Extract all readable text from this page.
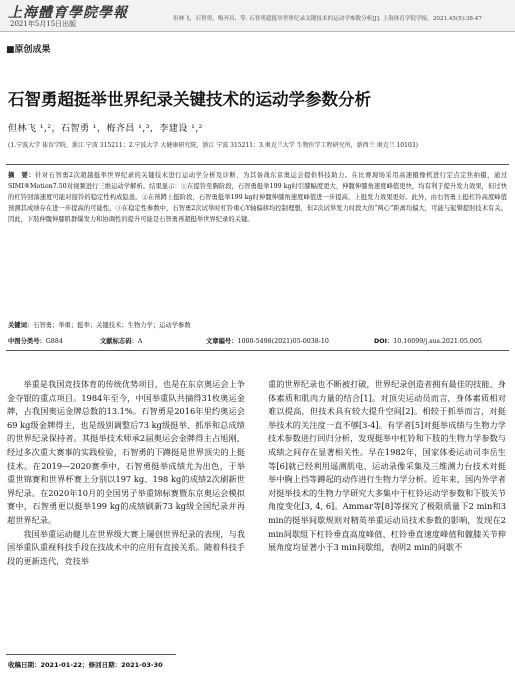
上海體育學院學報
2021年5月15日出版
但林飞，石智勇，梅齐昌，等. 石智勇超挺举世界纪录关键技术的运动学参数分析[J]. 上海体育学院学报，2021,45(5):38-47
■原创成果
石智勇超挺举世界纪录关键技术的运动学参数分析
但林飞 ¹,²，石智勇 ¹，梅齐昌 ¹,³，李建设 ¹,²
(1.宁波大学 体育学院，浙江 宁波 315211；2.宁波大学 大健康研究院，浙江 宁波 315211；3.奥克兰大学 生物医学工程研究所，新西兰 奥克兰 10103)
摘　要：针对石智勇2次超越挺举世界纪录的关键技术进行运动学分析及诊断，为其备战东京奥运会提供科技助力。在比赛现场采用高速摄像机进行定点定焦拍摄，通过SIMI®Motion7.50对视频进行三维运动学解析。结果显示：①在提铃至胸阶段，石智勇挺举199 kg时引膝幅度更大，伸髋伸膝角速度峰值更快，均有利于提升发力效果，但过快的杠铃回落速度可能对接铃的稳定性构成隐患。②在预蹲上挺阶段，石智勇挺举199 kg时伸髋伸膝角速度峰值进一步提高，上挺发力效果更好。此外，由右智勇上挺杠铃高度峰值预测其成绩存在进一步提高的可能性。③在稳定性参数中，石智勇2次试举时杠铃重心Y轴偏移均控制理想，但2次试举发力时段大的“两心”距离均偏大，可能与起臀提肘技术有关。因此，下肢伸髋伸膝肌群爆发力和协调性的提升可能是石智勇再超挺举世界纪录的关键。
关键词：石智勇；举重；挺举；关键技术；生物力学；运动学参数
中图分类号：G884	文献标志码：A	文章编号：1000-5498(2021)05-0038-10	DOI：10.16099/j.sus.2021.05.005

举重是我国竞技体育的传统优势项目，也是在东京奥运会上争金夺银的重点项目。1984年至今，中国举重队共摘得31枚奥运金牌，占我国奥运金牌总数的13.1%。石智勇是2016年里约奥运会69 kg级金牌得主，也是级别调整后73 kg级挺举、抓举和总成绩的世界纪录保持者。其挺举技术师承2届奥运会金牌得主占旭刚，经过多次重大赛事的实践检验，石智勇的下蹲挺是世界顶尖的上挺技术。在2019—2020赛季中，石智勇挺举成绩尤为出色，于举重世锦赛和世界杯赛上分别以197 kg、198 kg的成绩2次刷新世界纪录。在2020年10月的全国男子举重锦标赛暨东京奥运会模拟赛中，石智勇更以挺举199 kg的成绩刷新73 kg级全国纪录并再超世界纪录。

我国举重运动健儿在世界级大赛上屡创世界纪录的表现，与我国举重队重视科技手段在技战术中的应用有直接关系。随着科技手段的更新迭代，竞技举

重的世界纪录也不断被打破，世界纪录创造者拥有最佳的技能、身体素质和肌肉力量的结合[1]。对顶尖运动员而言，身体素质相对难以提高，但技术具有较大提升空间[2]。相较于抓举而言，对挺举技术的关注度一直不够[3-4]。有学者[5]对挺举成绩与生物力学技术参数进行回归分析，发现挺举中杠铃和下肢的生物力学参数与成绩之间存在显著相关性。早在1982年，国家体委运动司李岳生等[6]就已经利用遥测肌电、运动录像采集及三维测力台技术对挺举中胸上挡等蹲起的动作进行生物力学分析。近年来，国内外学者对挺举技术的生物力学研究大多集中于杠铃运动学参数和下肢关节角度变化[3, 4, 6]。Ammar等[8]等探究了极限质量下2 min和3 min的挺举间歇规则对精英举重运动员技术参数的影响，发现在2 min间歇组下杠铃垂直高度峰值、杠铃垂直速度峰值和髋膝关节伸展角度均显著小于3 min间歇组，表明2 min的间歇不

收稿日期：2021-01-22；修回日期：2021-03-30
